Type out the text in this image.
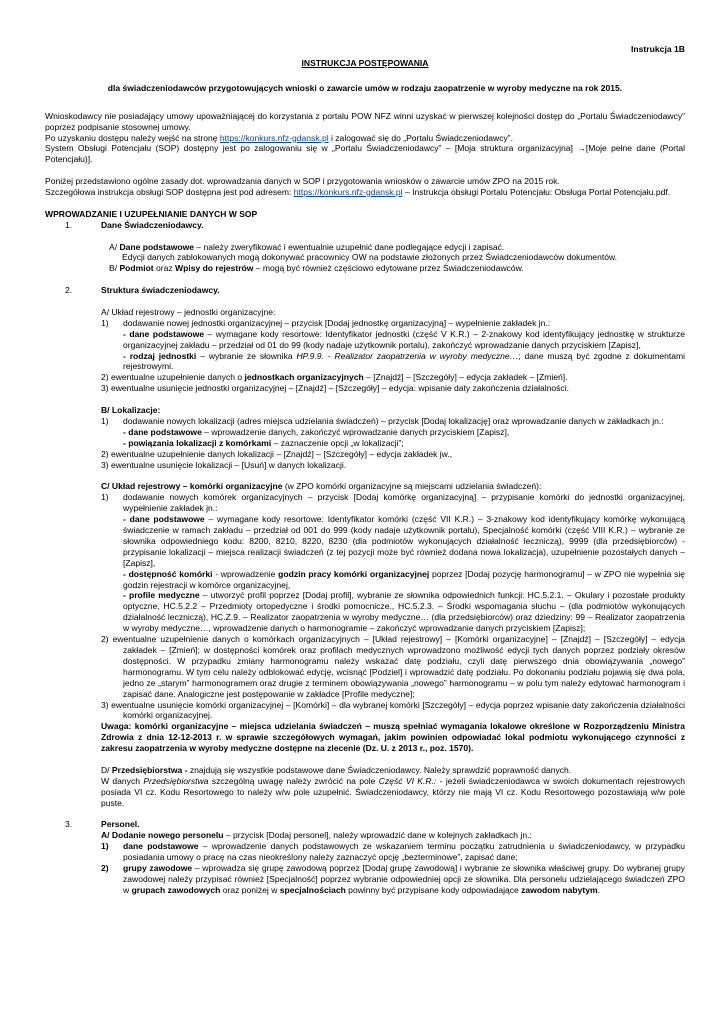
Instrukcja 1B

INSTRUKCJA POSTĘPOWANIA

dla świadczeniodawców przygotowujących wnioski o zawarcie umów w rodzaju zaopatrzenie w wyroby medyczne na rok 2015.

Wnioskodawcy nie posiadający umowy upoważniającej do korzystania z portalu POW NFZ winni uzyskać w pierwszej kolejności dostęp do „Portalu Świadczeniodawcy” poprzez podpisanie stosownej umowy.

Po uzyskaniu dostępu należy wejść na stronę https://konkurs.nfz-gdansk.pl i zalogować się do „Portalu Świadczeniodawcy”.

System Obsługi Potencjału (SOP) dostępny jest po zalogowaniu się w „Portalu Świadczeniodawcy” – [Moja struktura organizacyjna] →[Moje pełne dane (Portal Potencjału)].

Poniżej przedstawiono ogólne zasady dot. wprowadzania danych w SOP i przygotowania wniosków o zawarcie umów ZPO na 2015 rok.

Szczegółowa instrukcja obsługi SOP dostępna jest pod adresem: https://konkurs.nfz-gdansk.pl – Instrukcja obsługi Portalu Potencjału: Obsługa Portal Potencjału.pdf.

WPROWADZANIE I UZUPEŁNIANIE DANYCH W SOP

1.	Dane Świadczeniodawcy.

A/ Dane podstawowe – należy zweryfikować i ewentualnie uzupełnić dane podlegające edycji i zapisać.

Edycji danych zablokowanych mogą dokonywać pracownicy OW na podstawie złożonych przez Świadczeniodawców dokumentów.

B/ Podmiot oraz Wpisy do rejestrów – mogą być również częściowo edytowane przez Świadczeniodawców.

2.	Struktura świadczeniodawcy.

A/ Układ rejestrowy – jednostki organizacyjne:

1)	dodawanie nowej jednostki organizacyjnej – przycisk [Dodaj jednostkę organizacyjną] – wypełnienie zakładek jn.:

- dane podstawowe – wymagane kody resortowe: Identyfikator jednostki (część V K.R.) – 2-znakowy kod identyfikujący jednostkę w strukturze organizacyjnej zakładu – przedział od 01 do 99 (kody nadaje użytkownik portalu), zakończyć wprowadzanie danych przyciskiem [Zapisz],

- rodzaj jednostki – wybranie ze słownika HP.9.9. - Realizator zaopatrzenia w wyroby medyczne…; dane muszą być zgodne z dokumentami rejestrowymi.

2) ewentualne uzupełnienie danych o jednostkach organizacyjnych – [Znajdź] – [Szczegóły] – edycja zakładek – [Zmień].

3) ewentualne usunięcie jednostki organizacyjnej – [Znajdź] – [Szczegóły] – edycja: wpisanie daty zakończenia działalności.

B/ Lokalizacje:

1)	dodawanie nowych lokalizacji (adres miejsca udzielania świadczeń) – przycisk [Dodaj lokalizację] oraz wprowadzanie danych w zakładkach jn.:

- dane podstawowe – wprowadzenie danych, zakończyć wprowadzanie danych przyciskiem [Zapisz],

- powiązania lokalizacji z komórkami – zaznaczenie opcji „w lokalizacji”;

2) ewentualne uzupełnienie danych lokalizacji – [Znajdź] – [Szczegóły] – edycja zakładek jw.,

3) ewentualne usunięcie lokalizacji – [Usuń] w danych lokalizacji.

C/ Układ rejestrowy – komórki organizacyjne (w ZPO komórki organizacyjne są miejscami udzielania świadczeń):

1)	dodawanie nowych komórek organizacyjnych – przycisk [Dodaj komórkę organizacyjną] – przypisanie komórki do jednostki organizacyjnej, wypełnienie zakładek jn.:

- dane podstawowe – wymagane kody resortowe: Identyfikator komórki (część VII K.R.) – 3-znakowy kod identyfikujący komórkę wykonującą świadczenie w ramach zakładu – przedział od 001 do 999 (kody nadaje użytkownik portalu), Specjalność komórki (część VIII K.R.) – wybranie ze słownika odpowiedniego kodu: 8200, 8210, 8220, 8230 (dla podmiotów wykonujących działalność leczniczą), 9999 (dla przedsiębiorców) - przypisanie lokalizacji – miejsca realizacji świadczeń (z tej pozycji może być również dodana nowa lokalizacja), uzupełnienie pozostałych danych – [Zapisz],

- dostępność komórki - wprowadzenie godzin pracy komórki organizacyjnej poprzez [Dodaj pozycję harmonogramu] – w ZPO nie wypełnia się godzin rejestracji w komórce organizacyjnej,

- profile medyczne – utworzyć profil poprzez [Dodaj profil], wybranie ze słownika odpowiednich funkcji: HC.5.2.1. – Okulary i pozostałe produkty optyczne, HC.5.2.2 – Przedmioty ortopedyczne i środki pomocnicze., HC.5.2.3. – Środki wspomagania słuchu – (dla podmiotów wykonujących działalność leczniczą), HC.Z.9. – Realizator zaopatrzenia w wyroby medyczne… (dla przedsiębiorców) oraz dziedziny: 99 – Realizator zaopatrzenia w wyroby medyczne…, wprowadzenie danych o harmonogramie – zakończyć wprowadzanie danych przyciskiem [Zapisz];

2) ewentualne uzupełnienie danych o komórkach organizacyjnych – [Układ rejestrowy] – [Komórki organizacyjne] – [Znajdź] – [Szczegóły] – edycja zakładek – [Zmień]; w dostępności komórek oraz profilach medycznych wprowadzono możliwość edycji tych danych poprzez podziały okresów dostępności. W przypadku zmiany harmonogramu należy wskazać datę podziału, czyli datę pierwszego dnia obowiązywania „nowego” harmonogramu. W tym celu należy odblokować edycję, wcisnąć [Podziel] i wprowadzić datę podziału. Po dokonaniu podziału pojawią się dwa pola, jedno ze „starym” harmonogramem oraz drugie z terminem obowiązywania „nowego” harmonogramu – w polu tym należy edytować harmonogram i zapisać dane. Analogiczne jest postępowanie w zakładce [Profile medyczne];

3) ewentualne usunięcie komórki organizacyjnej – [Komórki] – dla wybranej komórki [Szczegóły] – edycja poprzez wpisanie daty zakończenia działalności komórki organizacyjnej.

Uwaga: komórki organizacyjne – miejsca udzielania świadczeń – muszą spełniać wymagania lokalowe określone w Rozporządzeniu Ministra Zdrowia z dnia 12-12-2013 r. w sprawie szczegółowych wymagań, jakim powinien odpowiadać lokal podmiotu wykonującego czynności z zakresu zaopatrzenia w wyroby medyczne dostępne na zlecenie (Dz. U. z 2013 r., poz. 1570).

D/ Przedsiębiorstwa - znajdują się wszystkie podstawowe dane Świadczeniodawcy. Należy sprawdzić poprawność danych.

W danych Przedsiębiorstwa szczególną uwagę należy zwrócić na pole Część VI K.R.: - jeżeli świadczeniodawca w swoich dokumentach rejestrowych posiada VI cz. Kodu Resortowego to należy w/w pole uzupełnić. Świadczeniodawcy, którzy nie mają VI cz. Kodu Resortowego pozostawiają w/w pole puste.

3.	Personel.

A/ Dodanie nowego personelu – przycisk [Dodaj personel], należy wprowadzić dane w kolejnych zakładkach jn.:

1)	dane podstawowe – wprowadzenie danych podstawowych ze wskazaniem terminu początku zatrudnienia u świadczeniodawcy, w przypadku posiadania umowy o pracę na czas nieokreślony należy zaznaczyć opcję „bezterminowe”, zapisać dane;
2)	grupy zawodowe – wprowadza się grupę zawodową poprzez [Dodaj grupę zawodową] i wybranie ze słownika właściwej grupy. Do wybranej grupy zawodowej należy przypisać również [Specjalność] poprzez wybranie odpowiedniej opcji ze słownika. Dla personelu udzielającego świadczeń ZPO w grupach zawodowych oraz poniżej w specjalnościach powinny być przypisane kody odpowiadające zawodom nabytym.
